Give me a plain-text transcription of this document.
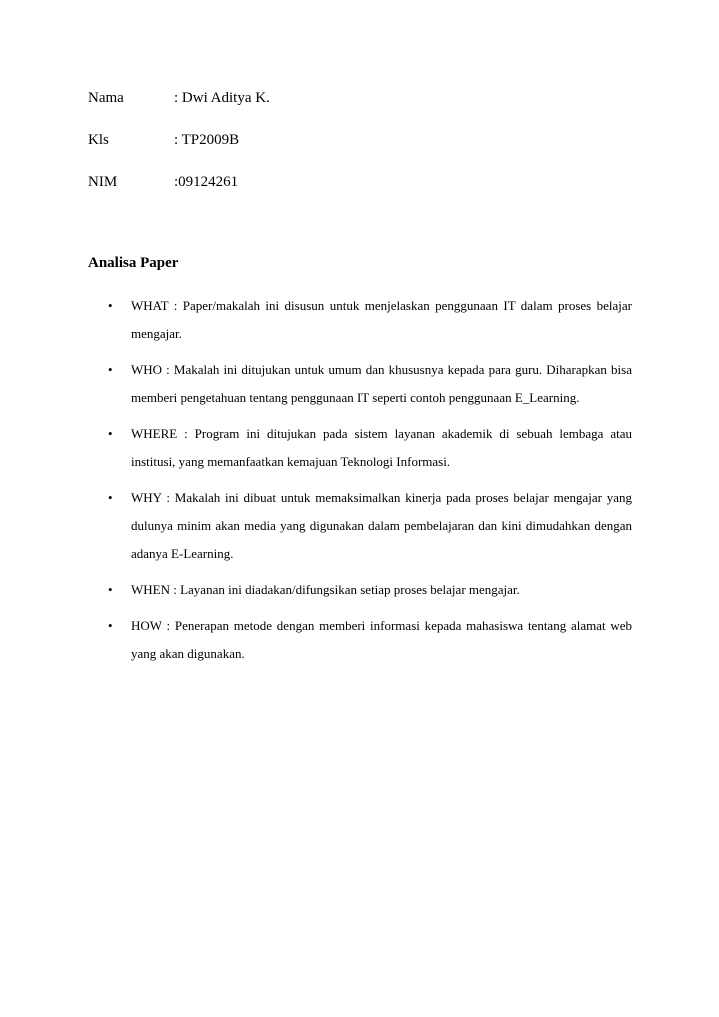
Nama	: Dwi Aditya K.
Kls	: TP2009B
NIM	:09124261
Analisa Paper
• WHAT : Paper/makalah ini disusun untuk menjelaskan penggunaan IT dalam proses belajar mengajar.
• WHO : Makalah ini ditujukan untuk umum dan khususnya kepada para guru. Diharapkan bisa memberi pengetahuan tentang penggunaan IT seperti contoh penggunaan E_Learning.
• WHERE : Program ini ditujukan pada sistem layanan akademik di sebuah lembaga atau institusi, yang memanfaatkan kemajuan Teknologi Informasi.
• WHY : Makalah ini dibuat untuk memaksimalkan kinerja pada proses belajar mengajar yang dulunya minim akan media yang digunakan dalam pembelajaran dan kini dimudahkan dengan adanya E-Learning.
• WHEN : Layanan ini diadakan/difungsikan setiap proses belajar mengajar.
• HOW : Penerapan metode dengan memberi informasi kepada mahasiswa tentang alamat web yang akan digunakan.
